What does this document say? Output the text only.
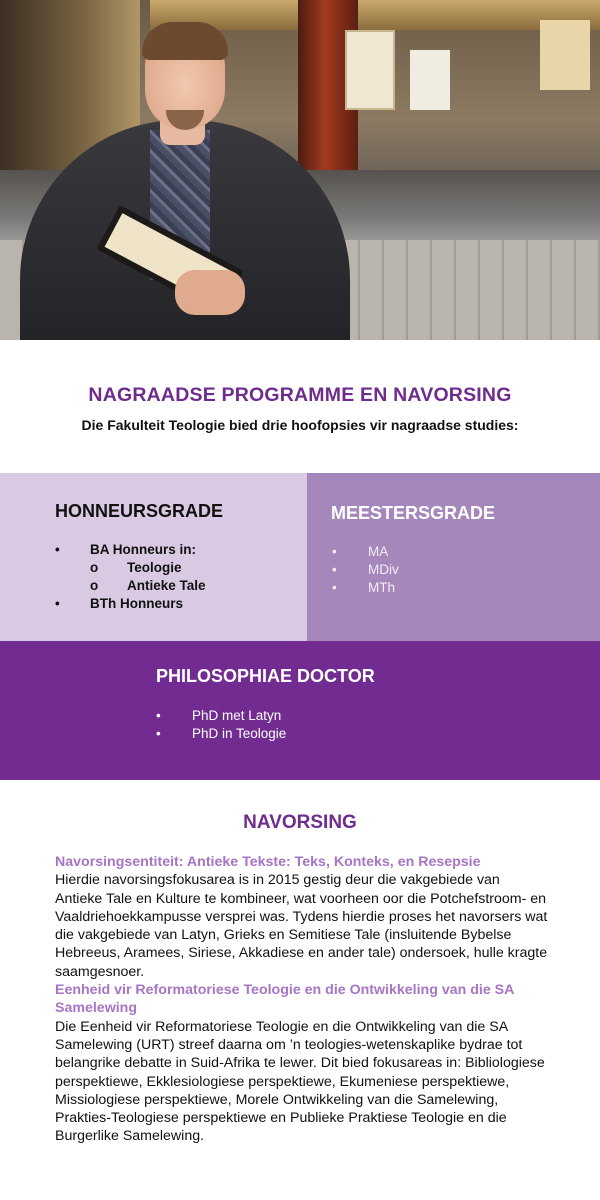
NAGRAADSE PROGRAMME EN NAVORSING

Die Fakulteit Teologie bied drie hoofopsies vir nagraadse studies:

HONNEURSGRADE
•	BA Honneurs in:
o	Teologie
o	Antieke Tale
•	BTh Honneurs
MEESTERSGRADE
•	MA
•	MDiv
•	MTh
PHILOSOPHIAE DOCTOR
•	PhD met Latyn
•	PhD in Teologie
NAVORSING

Navorsingsentiteit: Antieke Tekste: Teks, Konteks, en Resepsie

Hierdie navorsingsfokusarea is in 2015 gestig deur die vakgebiede van Antieke Tale en Kulture te kombineer, wat voorheen oor die Potchefstroom- en Vaaldriehoekkampusse versprei was. Tydens hierdie proses het navorsers wat die vakgebiede van Latyn, Grieks en Semitiese Tale (insluitende Bybelse Hebreeus, Aramees, Siriese, Akkadiese en ander tale) ondersoek, hulle kragte saamgesnoer.

Eenheid vir Reformatoriese Teologie en die Ontwikkeling van die SA Samelewing

Die Eenheid vir Reformatoriese Teologie en die Ontwikkeling van die SA Samelewing (URT) streef daarna om ’n teologies-wetenskaplike bydrae tot belangrike debatte in Suid-Afrika te lewer. Dit bied fokusareas in: Bibliologiese perspektiewe, Ekklesiologiese perspektiewe, Ekumeniese perspektiewe, Missiologiese perspektiewe, Morele Ontwikkeling van die Samelewing, Prakties-Teologiese perspektiewe en Publieke Praktiese Teologie en die Burgerlike Samelewing.
